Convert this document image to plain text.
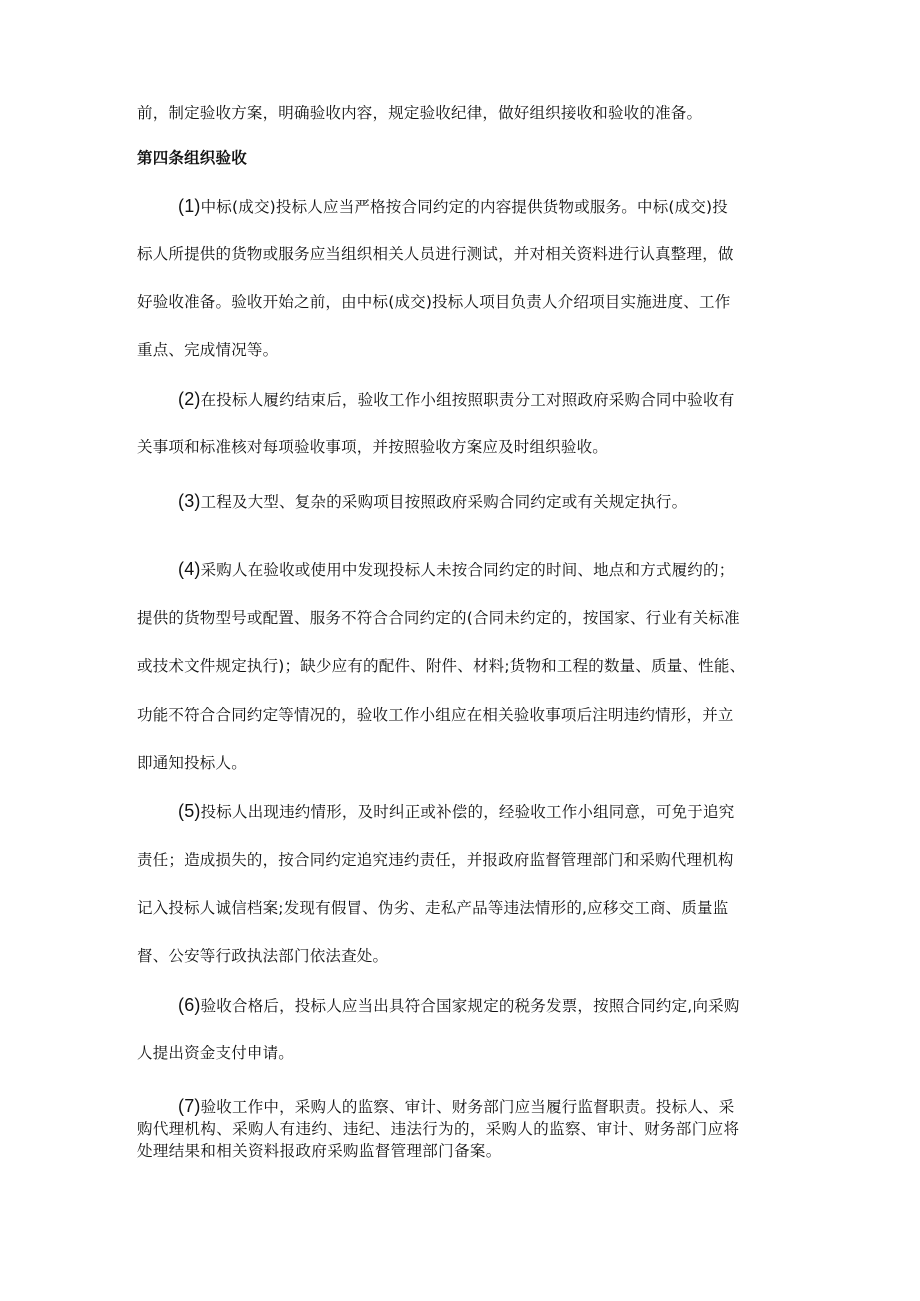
前，制定验收方案，明确验收内容，规定验收纪律，做好组织接收和验收的准备。
第四条组织验收
(1)中标(成交)投标人应当严格按合同约定的内容提供货物或服务。中标(成交)投
标人所提供的货物或服务应当组织相关人员进行测试，并对相关资料进行认真整理，做
好验收准备。验收开始之前，由中标(成交)投标人项目负责人介绍项目实施进度、工作
重点、完成情况等。
(2)在投标人履约结束后，验收工作小组按照职责分工对照政府采购合同中验收有
关事项和标准核对每项验收事项，并按照验收方案应及时组织验收。
(3)工程及大型、复杂的采购项目按照政府采购合同约定或有关规定执行。
(4)采购人在验收或使用中发现投标人未按合同约定的时间、地点和方式履约的；
提供的货物型号或配置、服务不符合合同约定的(合同未约定的，按国家、行业有关标准
或技术文件规定执行)；缺少应有的配件、附件、材料;货物和工程的数量、质量、性能、
功能不符合合同约定等情况的，验收工作小组应在相关验收事项后注明违约情形，并立
即通知投标人。
(5)投标人出现违约情形，及时纠正或补偿的，经验收工作小组同意，可免于追究
责任；造成损失的，按合同约定追究违约责任，并报政府监督管理部门和采购代理机构
记入投标人诚信档案;发现有假冒、伪劣、走私产品等违法情形的,应移交工商、质量监
督、公安等行政执法部门依法查处。
(6)验收合格后，投标人应当出具符合国家规定的税务发票，按照合同约定,向采购
人提出资金支付申请。
(7)验收工作中，采购人的监察、审计、财务部门应当履行监督职责。投标人、采
购代理机构、采购人有违约、违纪、违法行为的，采购人的监察、审计、财务部门应将
处理结果和相关资料报政府采购监督管理部门备案。
